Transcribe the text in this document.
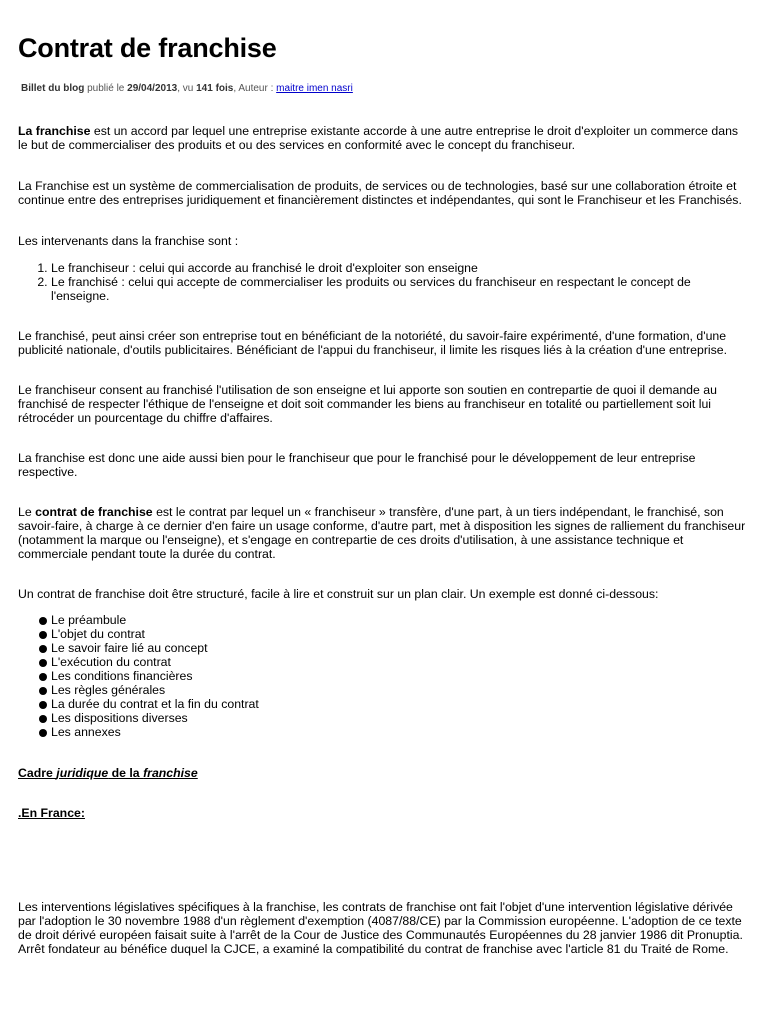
Contrat de franchise
Billet du blog publié le 29/04/2013, vu 141 fois, Auteur : maitre imen nasri

La franchise est un accord par lequel une entreprise existante accorde à une autre entreprise le droit d'exploiter un commerce dans le but de commercialiser des produits et ou des services en conformité avec le concept du franchiseur.

La Franchise est un système de commercialisation de produits, de services ou de technologies, basé sur une collaboration étroite et continue entre des entreprises juridiquement et financièrement distinctes et indépendantes, qui sont le Franchiseur et les Franchisés.

Les intervenants dans la franchise sont :

1. Le franchiseur : celui qui accorde au franchisé le droit d'exploiter son enseigne
2. Le franchisé : celui qui accepte de commercialiser les produits ou services du franchiseur en respectant le concept de l'enseigne.

Le franchisé, peut ainsi créer son entreprise tout en bénéficiant de la notoriété, du savoir-faire expérimenté, d'une formation, d'une publicité nationale, d'outils publicitaires. Bénéficiant de l'appui du franchiseur, il limite les risques liés à la création d'une entreprise.

Le franchiseur consent au franchisé l'utilisation de son enseigne et lui apporte son soutien en contrepartie de quoi il demande au franchisé de respecter l'éthique de l'enseigne et doit soit commander les biens au franchiseur en totalité ou partiellement soit lui rétrocéder un pourcentage du chiffre d'affaires.

La franchise est donc une aide aussi bien pour le franchiseur que pour le franchisé pour le développement de leur entreprise respective.

Le contrat de franchise est le contrat par lequel un « franchiseur » transfère, d'une part, à un tiers indépendant, le franchisé, son savoir-faire, à charge à ce dernier d'en faire un usage conforme, d'autre part, met à disposition les signes de ralliement du franchiseur (notamment la marque ou l'enseigne), et s'engage en contrepartie de ces droits d'utilisation, à une assistance technique et commerciale pendant toute la durée du contrat.

Un contrat de franchise doit être structuré, facile à lire et construit sur un plan clair. Un exemple est donné ci-dessous:

Le préambule
L'objet du contrat
Le savoir faire lié au concept
L'exécution du contrat
Les conditions financières
Les règles générales
La durée du contrat et la fin du contrat
Les dispositions diverses
Les annexes

Cadre juridique de la franchise

.En France:

Les interventions législatives spécifiques à la franchise, les contrats de franchise ont fait l'objet d'une intervention législative dérivée par l'adoption le 30 novembre 1988 d'un règlement d'exemption (4087/88/CE) par la Commission européenne. L'adoption de ce texte de droit dérivé européen faisait suite à l'arrêt de la Cour de Justice des Communautés Européennes du 28 janvier 1986 dit Pronuptia. Arrêt fondateur au bénéfice duquel la CJCE, a examiné la compatibilité du contrat de franchise avec l'article 81 du Traité de Rome.
